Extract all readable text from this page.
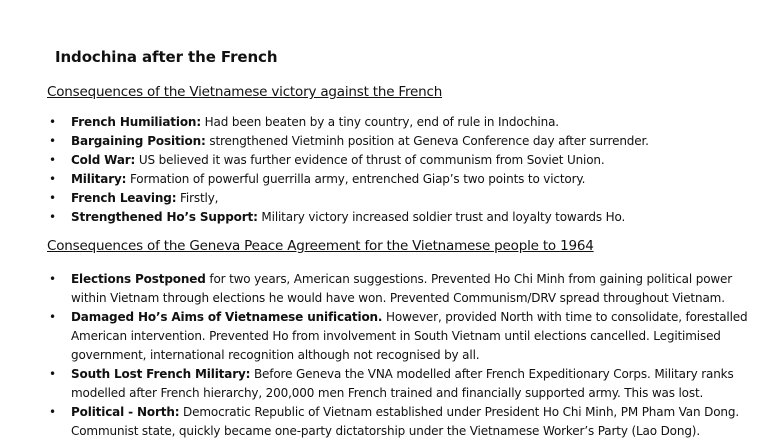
Indochina after the French
Consequences of the Vietnamese victory against the French
• French Humiliation: Had been beaten by a tiny country, end of rule in Indochina.
• Bargaining Position: strengthened Vietminh position at Geneva Conference day after surrender.
• Cold War: US believed it was further evidence of thrust of communism from Soviet Union.
• Military: Formation of powerful guerrilla army, entrenched Giap’s two points to victory.
• French Leaving: Firstly,
• Strengthened Ho’s Support: Military victory increased soldier trust and loyalty towards Ho.
Consequences of the Geneva Peace Agreement for the Vietnamese people to 1964
• Elections Postponed for two years, American suggestions. Prevented Ho Chi Minh from gaining political power within Vietnam through elections he would have won. Prevented Communism/DRV spread throughout Vietnam.
• Damaged Ho’s Aims of Vietnamese unification. However, provided North with time to consolidate, forestalled American intervention. Prevented Ho from involvement in South Vietnam until elections cancelled. Legitimised government, international recognition although not recognised by all.
• South Lost French Military: Before Geneva the VNA modelled after French Expeditionary Corps. Military ranks modelled after French hierarchy, 200,000 men French trained and financially supported army. This was lost.
• Political - North: Democratic Republic of Vietnam established under President Ho Chi Minh, PM Pham Van Dong. Communist state, quickly became one-party dictatorship under the Vietnamese Worker’s Party (Lao Dong).
